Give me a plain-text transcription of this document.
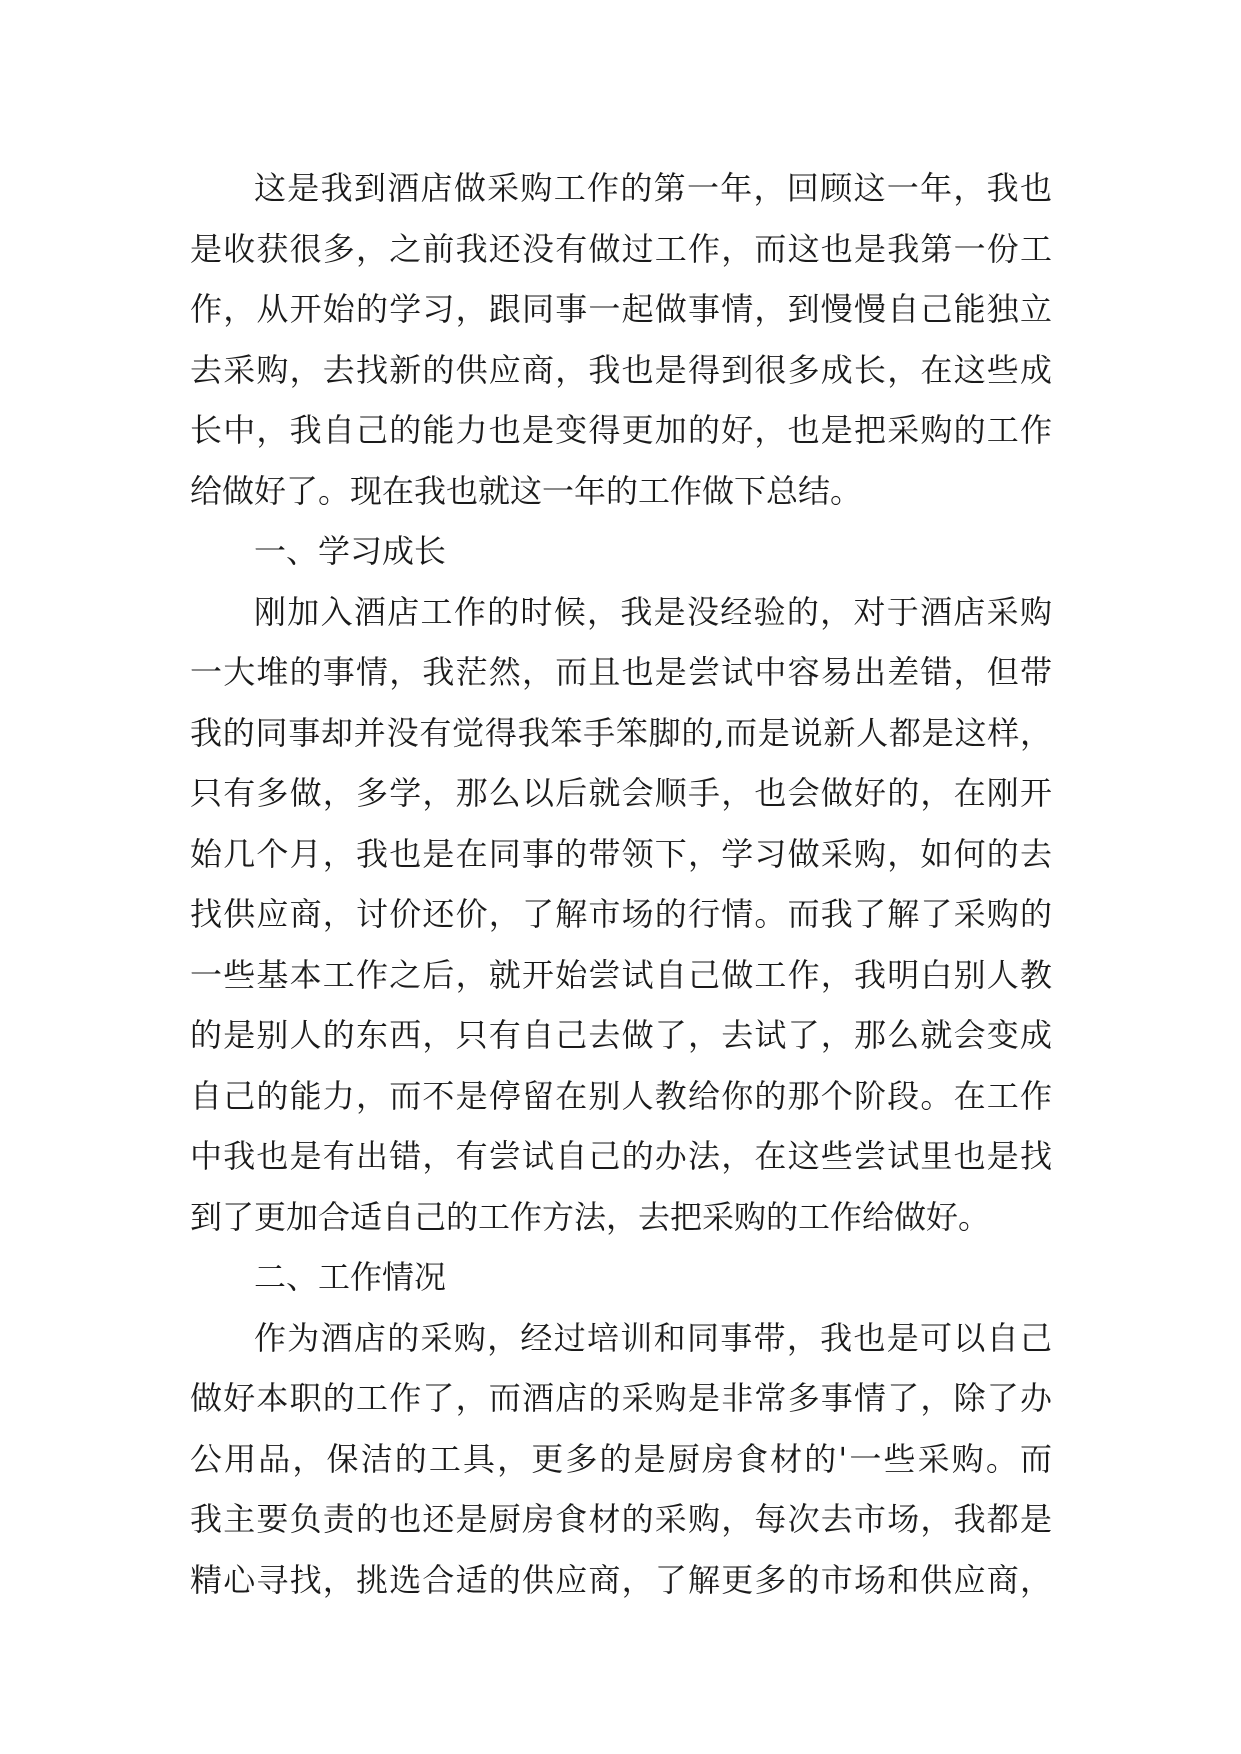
这是我到酒店做采购工作的第一年，回顾这一年，我也
是收获很多，之前我还没有做过工作，而这也是我第一份工
作，从开始的学习，跟同事一起做事情，到慢慢自己能独立
去采购，去找新的供应商，我也是得到很多成长，在这些成
长中，我自己的能力也是变得更加的好，也是把采购的工作
给做好了。现在我也就这一年的工作做下总结。
一、学习成长
刚加入酒店工作的时候，我是没经验的，对于酒店采购
一大堆的事情，我茫然，而且也是尝试中容易出差错，但带
我的同事却并没有觉得我笨手笨脚的,而是说新人都是这样，
只有多做，多学，那么以后就会顺手，也会做好的，在刚开
始几个月，我也是在同事的带领下，学习做采购，如何的去
找供应商，讨价还价，了解市场的行情。而我了解了采购的
一些基本工作之后，就开始尝试自己做工作，我明白别人教
的是别人的东西，只有自己去做了，去试了，那么就会变成
自己的能力，而不是停留在别人教给你的那个阶段。在工作
中我也是有出错，有尝试自己的办法，在这些尝试里也是找
到了更加合适自己的工作方法，去把采购的工作给做好。
二、工作情况
作为酒店的采购，经过培训和同事带，我也是可以自己
做好本职的工作了，而酒店的采购是非常多事情了，除了办
公用品，保洁的工具，更多的是厨房食材的'一些采购。而
我主要负责的也还是厨房食材的采购，每次去市场，我都是
精心寻找，挑选合适的供应商，了解更多的市场和供应商，
